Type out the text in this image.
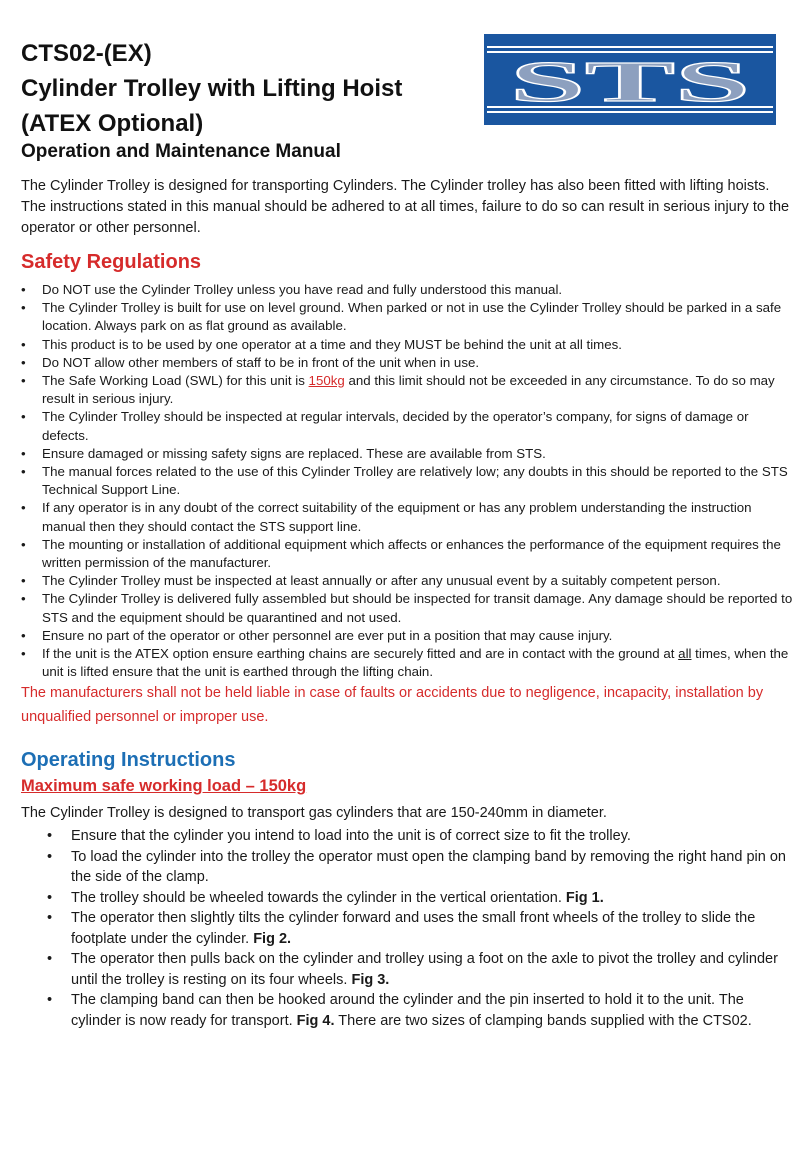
CTS02-(EX)
Cylinder Trolley with Lifting Hoist
(ATEX Optional)
Operation and Maintenance Manual
STS

The Cylinder Trolley is designed for transporting Cylinders. The Cylinder trolley has also been fitted with lifting hoists. The instructions stated in this manual should be adhered to at all times, failure to do so can result in serious injury to the operator or other personnel.

Safety Regulations
• Do NOT use the Cylinder Trolley unless you have read and fully understood this manual.
• The Cylinder Trolley is built for use on level ground. When parked or not in use the Cylinder Trolley should be parked in a safe location. Always park on as flat ground as available.
• This product is to be used by one operator at a time and they MUST be behind the unit at all times.
• Do NOT allow other members of staff to be in front of the unit when in use.
• The Safe Working Load (SWL) for this unit is 150kg and this limit should not be exceeded in any circumstance. To do so may result in serious injury.
• The Cylinder Trolley should be inspected at regular intervals, decided by the operator’s company, for signs of damage or defects.
• Ensure damaged or missing safety signs are replaced. These are available from STS.
• The manual forces related to the use of this Cylinder Trolley are relatively low; any doubts in this should be reported to the STS Technical Support Line.
• If any operator is in any doubt of the correct suitability of the equipment or has any problem understanding the instruction manual then they should contact the STS support line.
• The mounting or installation of additional equipment which affects or enhances the performance of the equipment requires the written permission of the manufacturer.
• The Cylinder Trolley must be inspected at least annually or after any unusual event by a suitably competent person.
• The Cylinder Trolley is delivered fully assembled but should be inspected for transit damage. Any damage should be reported to STS and the equipment should be quarantined and not used.
• Ensure no part of the operator or other personnel are ever put in a position that may cause injury.
• If the unit is the ATEX option ensure earthing chains are securely fitted and are in contact with the ground at all times, when the unit is lifted ensure that the unit is earthed through the lifting chain.

The manufacturers shall not be held liable in case of faults or accidents due to negligence, incapacity, installation by unqualified personnel or improper use.

Operating Instructions
Maximum safe working load – 150kg

The Cylinder Trolley is designed to transport gas cylinders that are 150-240mm in diameter.

• Ensure that the cylinder you intend to load into the unit is of correct size to fit the trolley.
• To load the cylinder into the trolley the operator must open the clamping band by removing the right hand pin on the side of the clamp.
• The trolley should be wheeled towards the cylinder in the vertical orientation. Fig 1.
• The operator then slightly tilts the cylinder forward and uses the small front wheels of the trolley to slide the footplate under the cylinder. Fig 2.
• The operator then pulls back on the cylinder and trolley using a foot on the axle to pivot the trolley and cylinder until the trolley is resting on its four wheels. Fig 3.
• The clamping band can then be hooked around the cylinder and the pin inserted to hold it to the unit. The cylinder is now ready for transport. Fig 4. There are two sizes of clamping bands supplied with the CTS02.
